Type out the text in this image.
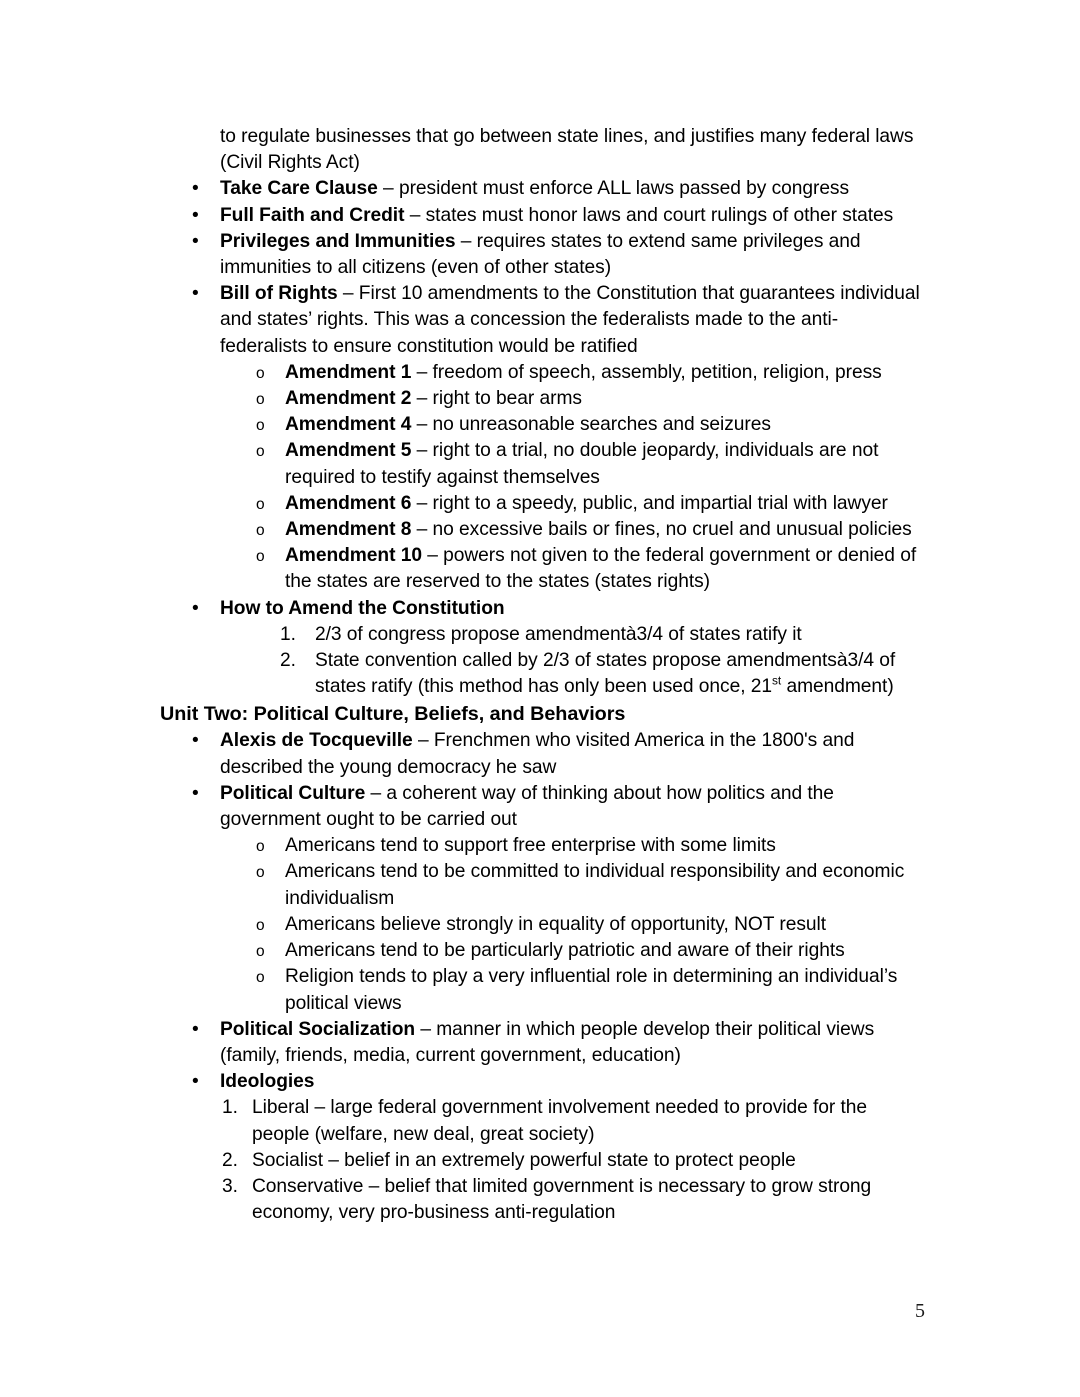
to regulate businesses that go between state lines, and justifies many federal laws (Civil Rights Act)

• Take Care Clause – president must enforce ALL laws passed by congress

• Full Faith and Credit – states must honor laws and court rulings of other states

• Privileges and Immunities – requires states to extend same privileges and immunities to all citizens (even of other states)

• Bill of Rights – First 10 amendments to the Constitution that guarantees individual and states’ rights. This was a concession the federalists made to the anti-federalists to ensure constitution would be ratified

o Amendment 1 – freedom of speech, assembly, petition, religion, press

o Amendment 2 – right to bear arms

o Amendment 4 – no unreasonable searches and seizures

o Amendment 5 – right to a trial, no double jeopardy, individuals are not required to testify against themselves

o Amendment 6 – right to a speedy, public, and impartial trial with lawyer

o Amendment 8 – no excessive bails or fines, no cruel and unusual policies

o Amendment 10 – powers not given to the federal government or denied of the states are reserved to the states (states rights)

• How to Amend the Constitution

1. 2/3 of congress propose amendmentà3/4 of states ratify it

2. State convention called by 2/3 of states propose amendmentsà3/4 of states ratify (this method has only been used once, 21st amendment)

Unit Two: Political Culture, Beliefs, and Behaviors

• Alexis de Tocqueville – Frenchmen who visited America in the 1800's and described the young democracy he saw

• Political Culture – a coherent way of thinking about how politics and the government ought to be carried out

o Americans tend to support free enterprise with some limits

o Americans tend to be committed to individual responsibility and economic individualism

o Americans believe strongly in equality of opportunity, NOT result

o Americans tend to be particularly patriotic and aware of their rights

o Religion tends to play a very influential role in determining an individual’s political views

• Political Socialization – manner in which people develop their political views (family, friends, media, current government, education)

• Ideologies

1. Liberal – large federal government involvement needed to provide for the people (welfare, new deal, great society)

2. Socialist – belief in an extremely powerful state to protect people

3. Conservative – belief that limited government is necessary to grow strong economy, very pro-business anti-regulation

5
